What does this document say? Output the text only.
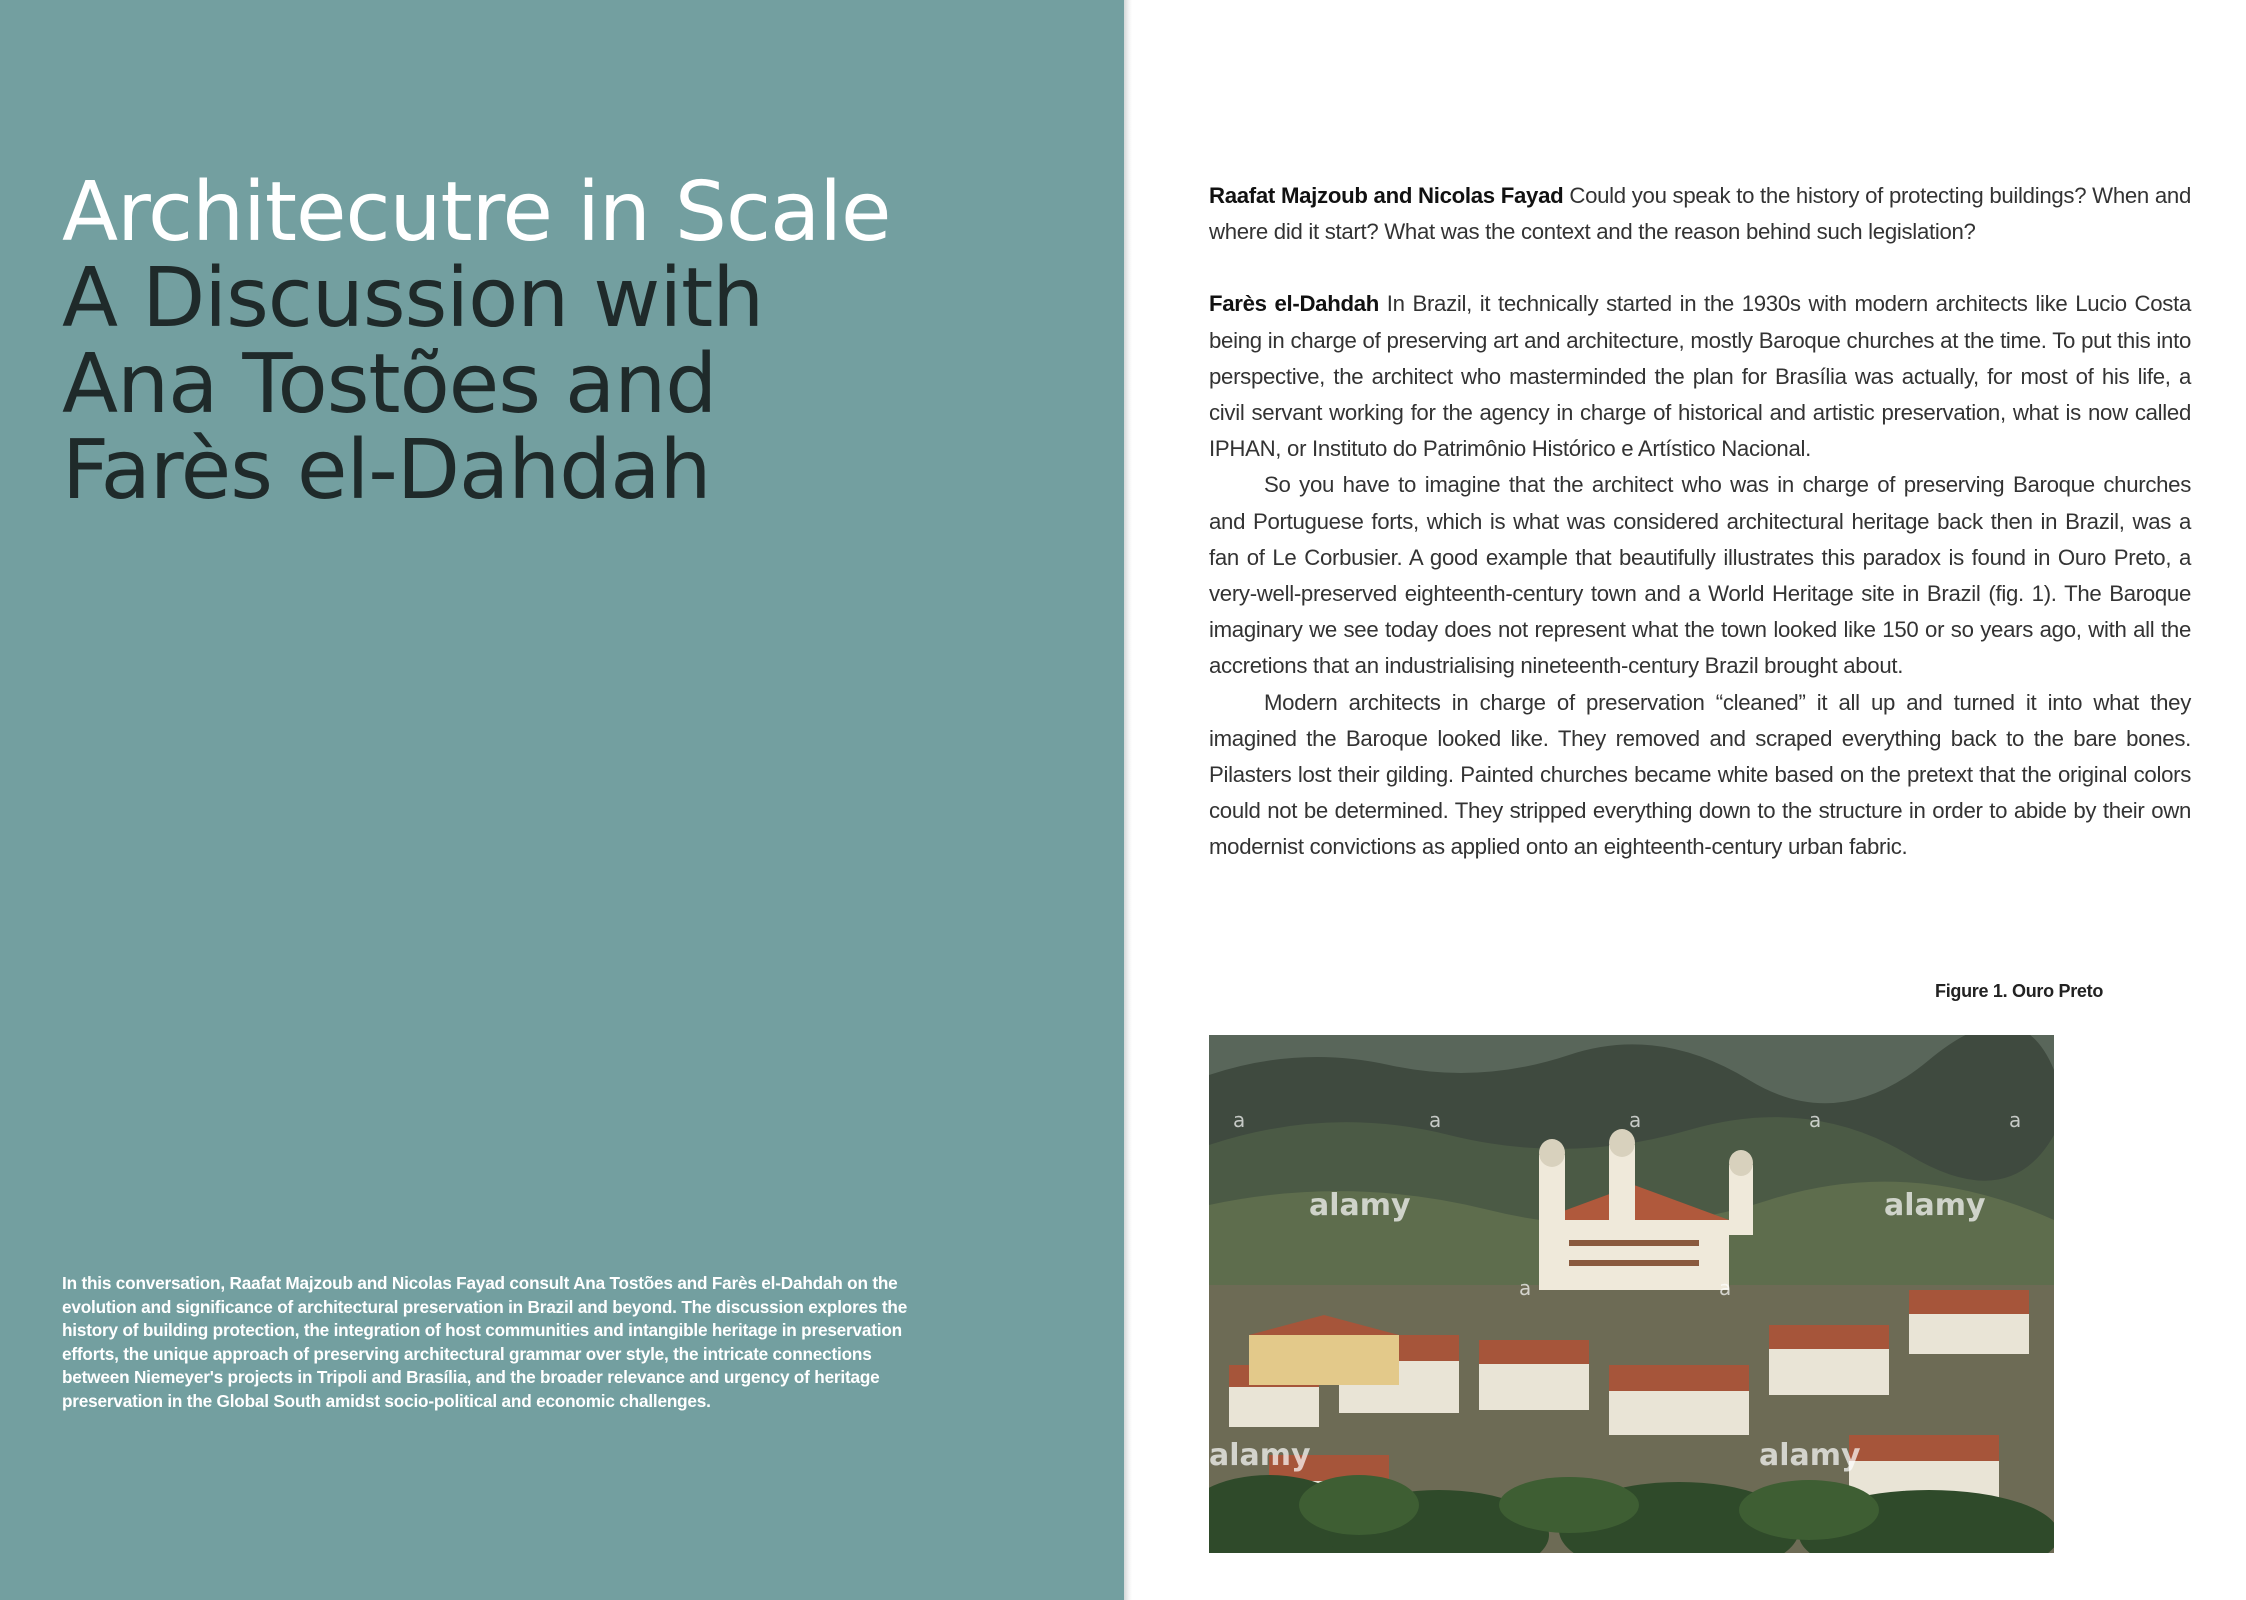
Architecutre in Scale
A Discussion with
Ana Tostões and
Farès el-Dahdah

In this conversation, Raafat Majzoub and Nicolas Fayad consult Ana Tostões and Farès el-Dahdah on the evolution and significance of architectural preservation in Brazil and beyond. The discussion explores the history of building protection, the integration of host communities and intangible heritage in preservation efforts, the unique approach of preserving architectural grammar over style, the intricate connections between Niemeyer's projects in Tripoli and Brasília, and the broader relevance and urgency of heritage preservation in the Global South amidst socio-political and economic challenges.

Raafat Majzoub and Nicolas Fayad Could you speak to the history of protecting buildings? When and where did it start? What was the context and the reason behind such legislation?

Farès el-Dahdah In Brazil, it technically started in the 1930s with modern architects like Lucio Costa being in charge of preserving art and architecture, mostly Baroque churches at the time. To put this into perspective, the architect who masterminded the plan for Brasília was actually, for most of his life, a civil servant working for the agency in charge of historical and artistic preservation, what is now called IPHAN, or Instituto do Patrimônio Histórico e Artístico Nacional.

So you have to imagine that the architect who was in charge of preserving Baroque churches and Portuguese forts, which is what was considered architectural heritage back then in Brazil, was a fan of Le Corbusier. A good example that beautifully illustrates this paradox is found in Ouro Preto, a very-well-preserved eighteenth-century town and a World Heritage site in Brazil (fig. 1). The Baroque imaginary we see today does not represent what the town looked like 150 or so years ago, with all the accretions that an industrialising nineteenth-century Brazil brought about.

Modern architects in charge of preservation “cleaned” it all up and turned it into what they imagined the Baroque looked like. They removed and scraped everything back to the bare bones. Pilasters lost their gilding. Painted churches became white based on the pretext that the original colors could not be determined. They stripped everything down to the structure in order to abide by their own modernist convictions as applied onto an eighteenth-century urban fabric.

Figure 1. Ouro Preto

alamy	alamy
alamy	alamy
a	a	a	a	a
a	a
